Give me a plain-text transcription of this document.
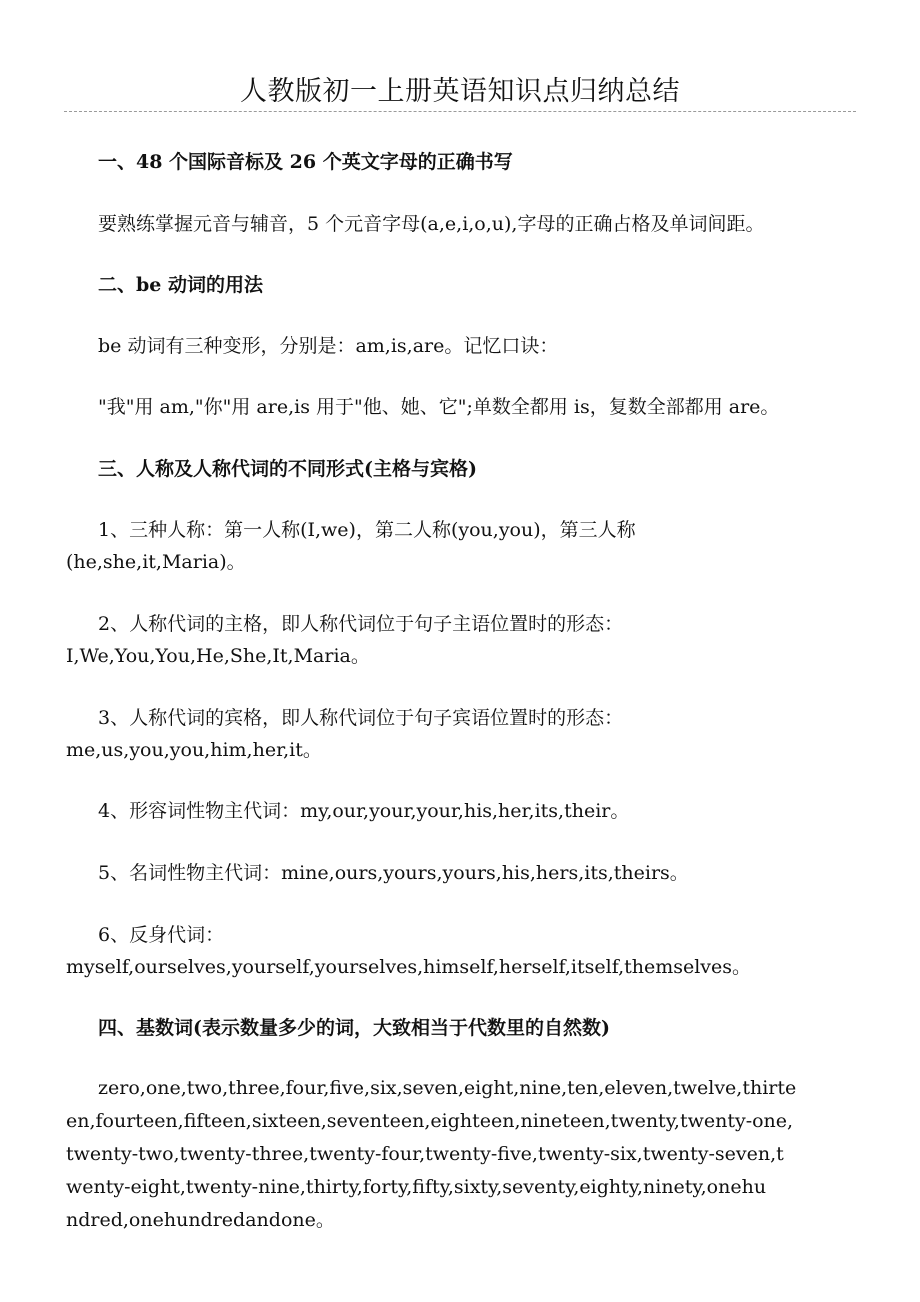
人教版初一上册英语知识点归纳总结
一、48 个国际音标及 26 个英文字母的正确书写
要熟练掌握元音与辅音，5 个元音字母(a,e,i,o,u),字母的正确占格及单词间距。
二、be 动词的用法
be 动词有三种变形，分别是：am,is,are。记忆口诀：
"我"用 am,"你"用 are,is 用于"他、她、它";单数全都用 is，复数全部都用 are。
三、人称及人称代词的不同形式(主格与宾格)
1、三种人称：第一人称(I,we)，第二人称(you,you)，第三人称
(he,she,it,Maria)。
2、人称代词的主格，即人称代词位于句子主语位置时的形态：
I,We,You,You,He,She,It,Maria。
3、人称代词的宾格，即人称代词位于句子宾语位置时的形态：
me,us,you,you,him,her,it。
4、形容词性物主代词：my,our,your,your,his,her,its,their。
5、名词性物主代词：mine,ours,yours,yours,his,hers,its,theirs。
6、反身代词：
myself,ourselves,yourself,yourselves,himself,herself,itself,themselves。
四、基数词(表示数量多少的词，大致相当于代数里的自然数)
zero,one,two,three,four,five,six,seven,eight,nine,ten,eleven,twelve,thirte
en,fourteen,fifteen,sixteen,seventeen,eighteen,nineteen,twenty,twenty-one,
twenty-two,twenty-three,twenty-four,twenty-five,twenty-six,twenty-seven,t
wenty-eight,twenty-nine,thirty,forty,fifty,sixty,seventy,eighty,ninety,onehu
ndred,onehundredandone。
